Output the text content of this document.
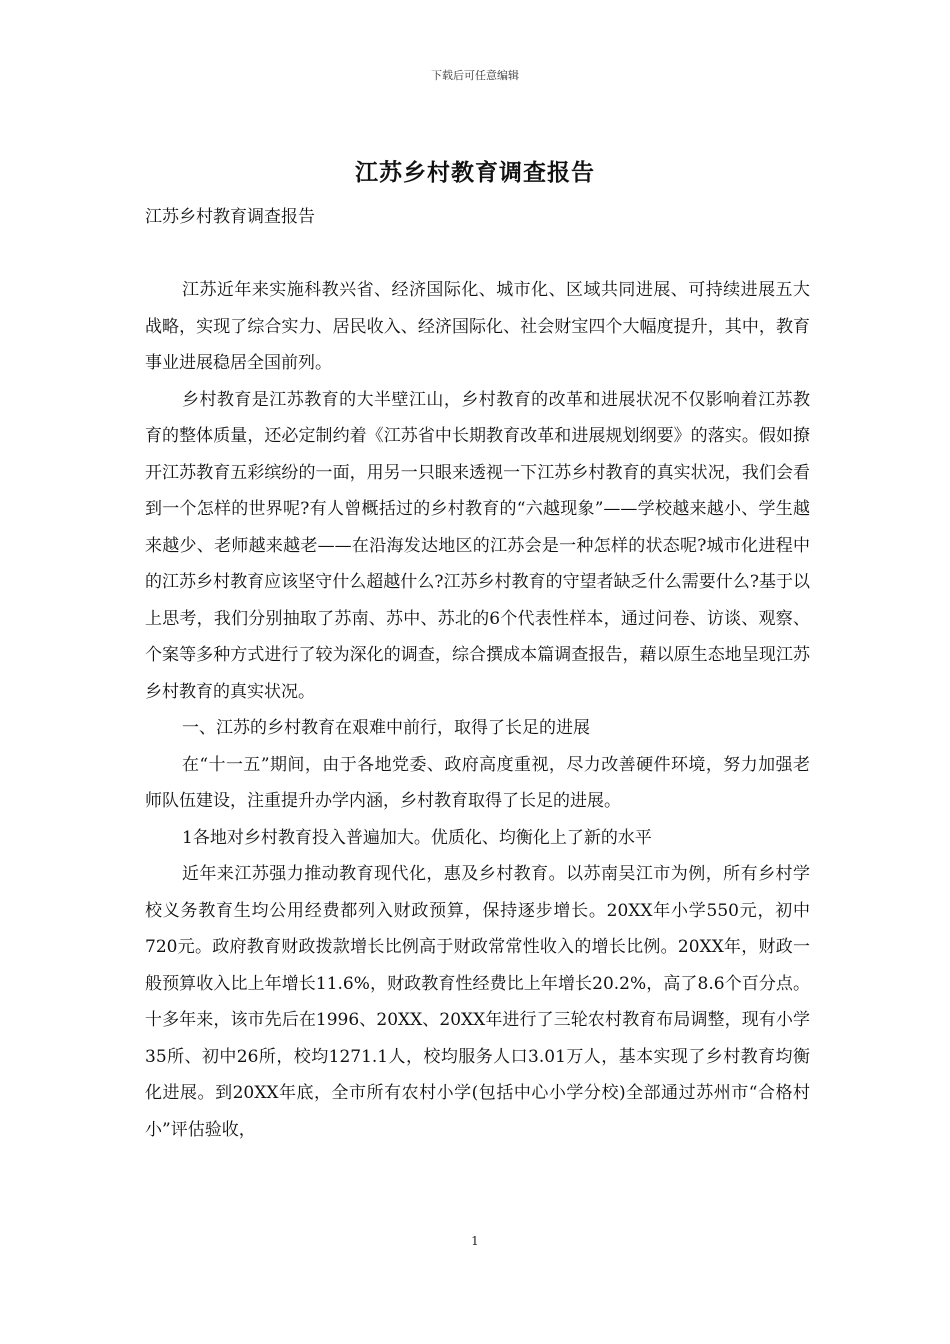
下载后可任意编辑
江苏乡村教育调查报告
江苏乡村教育调查报告

江苏近年来实施科教兴省、经济国际化、城市化、区域共同进展、可持续进展五大战略，实现了综合实力、居民收入、经济国际化、社会财宝四个大幅度提升，其中，教育事业进展稳居全国前列。

乡村教育是江苏教育的大半壁江山，乡村教育的改革和进展状况不仅影响着江苏教育的整体质量，还必定制约着《江苏省中长期教育改革和进展规划纲要》的落实。假如撩开江苏教育五彩缤纷的一面，用另一只眼来透视一下江苏乡村教育的真实状况，我们会看到一个怎样的世界呢?有人曾概括过的乡村教育的“六越现象”——学校越来越小、学生越来越少、老师越来越老——在沿海发达地区的江苏会是一种怎样的状态呢?城市化进程中的江苏乡村教育应该坚守什么超越什么?江苏乡村教育的守望者缺乏什么需要什么?基于以上思考，我们分别抽取了苏南、苏中、苏北的6个代表性样本，通过问卷、访谈、观察、个案等多种方式进行了较为深化的调查，综合撰成本篇调查报告，藉以原生态地呈现江苏乡村教育的真实状况。

一、江苏的乡村教育在艰难中前行，取得了长足的进展

在“十一五”期间，由于各地党委、政府高度重视，尽力改善硬件环境，努力加强老师队伍建设，注重提升办学内涵，乡村教育取得了长足的进展。

1各地对乡村教育投入普遍加大。优质化、均衡化上了新的水平

近年来江苏强力推动教育现代化，惠及乡村教育。以苏南吴江市为例，所有乡村学校义务教育生均公用经费都列入财政预算，保持逐步增长。20XX年小学550元，初中720元。政府教育财政拨款增长比例高于财政常常性收入的增长比例。20XX年，财政一般预算收入比上年增长11.6%，财政教育性经费比上年增长20.2%，高了8.6个百分点。十多年来，该市先后在1996、20XX、20XX年进行了三轮农村教育布局调整，现有小学35所、初中26所，校均1271.1人，校均服务人口3.01万人，基本实现了乡村教育均衡化进展。到20XX年底，全市所有农村小学(包括中心小学分校)全部通过苏州市“合格村小”评估验收，

1
